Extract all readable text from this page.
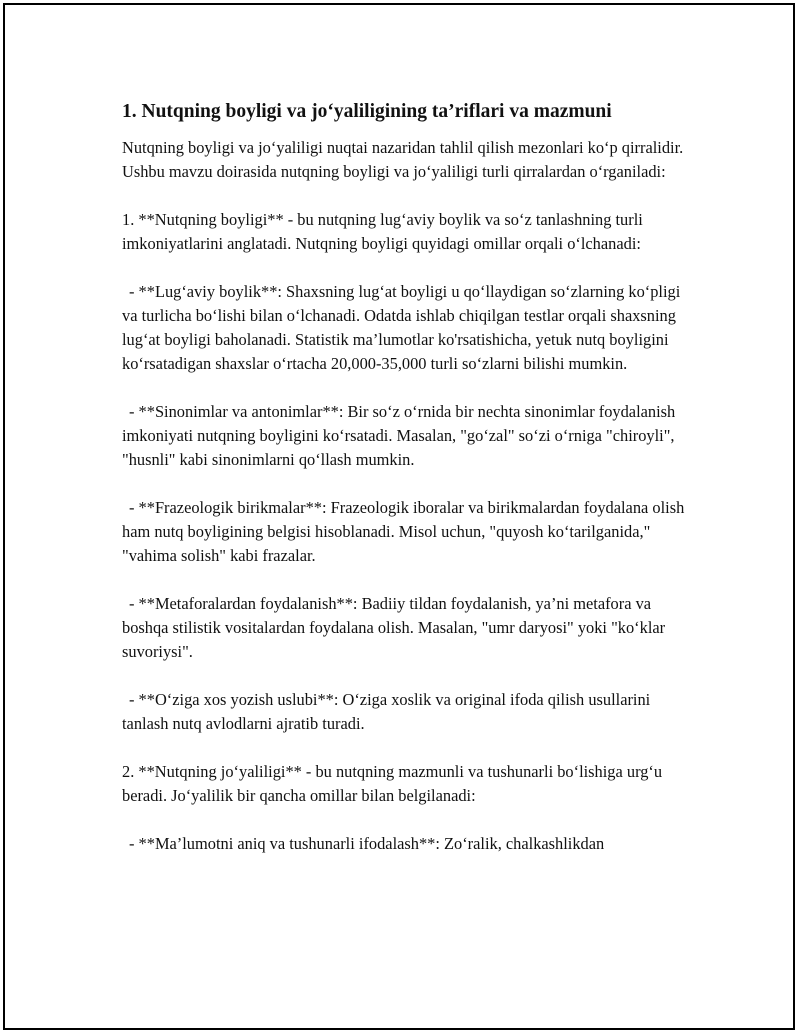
1. Nutqning boyligi va jo‘yaliligining ta’riflari va mazmuni

Nutqning boyligi va jo‘yaliligi nuqtai nazaridan tahlil qilish mezonlari ko‘p qirralidir. Ushbu mavzu doirasida nutqning boyligi va jo‘yaliligi turli qirralardan o‘rganiladi:

1. **Nutqning boyligi** - bu nutqning lug‘aviy boylik va so‘z tanlashning turli imkoniyatlarini anglatadi. Nutqning boyligi quyidagi omillar orqali o‘lchanadi:

- **Lug‘aviy boylik**: Shaxsning lug‘at boyligi u qo‘llaydigan so‘zlarning ko‘pligi va turlicha bo‘lishi bilan o‘lchanadi. Odatda ishlab chiqilgan testlar orqali shaxsning lug‘at boyligi baholanadi. Statistik ma’lumotlar ko'rsatishicha, yetuk nutq boyligini ko‘rsatadigan shaxslar o‘rtacha 20,000-35,000 turli so‘zlarni bilishi mumkin.

- **Sinonimlar va antonimlar**: Bir so‘z o‘rnida bir nechta sinonimlar foydalanish imkoniyati nutqning boyligini ko‘rsatadi. Masalan, "go‘zal" so‘zi o‘rniga "chiroyli", "husnli" kabi sinonimlarni qo‘llash mumkin.

- **Frazeologik birikmalar**: Frazeologik iboralar va birikmalardan foydalana olish ham nutq boyligining belgisi hisoblanadi. Misol uchun, "quyosh ko‘tarilganida," "vahima solish" kabi frazalar.

- **Metaforalardan foydalanish**: Badiiy tildan foydalanish, ya’ni metafora va boshqa stilistik vositalardan foydalana olish. Masalan, "umr daryosi" yoki "ko‘klar suvoriysi".

- **O‘ziga xos yozish uslubi**: O‘ziga xoslik va original ifoda qilish usullarini tanlash nutq avlodlarni ajratib turadi.

2. **Nutqning jo‘yaliligi** - bu nutqning mazmunli va tushunarli bo‘lishiga urg‘u beradi. Jo‘yalilik bir qancha omillar bilan belgilanadi:

- **Ma’lumotni aniq va tushunarli ifodalash**: Zo‘ralik, chalkashlikdan
